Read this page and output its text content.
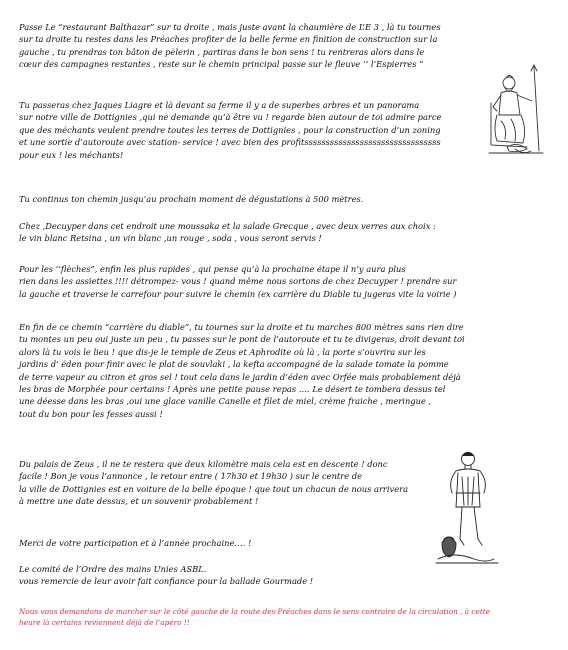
Passe Le “restaurant Balthazar” sur ta droite , mais juste avant la chaumière de L’E 3 , là tu tournes
sur ta droite tu restes dans les Préaches profiter de la belle ferme en finition de construction sur la
gauche , tu prendras ton bâton de pèlerin , partiras dans le bon sens ! tu rentreras alors dans le
cœur des campagnes restantes , reste sur le chemin principal passe sur le fleuve ‘’ l’Espierres ”
Tu passeras chez Jaques Liagre et là devant sa ferme il y a de superbes arbres et un panorama
sur notre ville de Dottignies ,qui ne demande qu’à être vu ! regarde bien autour de toi admire parce
que des méchants veulent prendre toutes les terres de Dottignies , pour la construction d’un zoning
et une sortie d’autoroute avec station- service ! avec bien des profitssssssssssssssssssssssssssssssss
pour eux ! les méchants!
Tu continus ton chemin jusqu’au prochain moment de dégustations à 500 mètres.
Chez ,Decuyper dans cet endroit une moussaka et la salade Grecque , avec deux verres aux choix :
le vin blanc Retsina , un vin blanc ,un rouge , soda , vous seront servis !
Pour les ‘’flèches”, enfin les plus rapides , qui pense qu’à la prochaine étape il n’y aura plus
rien dans les assiettes !!!! détrompez- vous ! quand même nous sortons de chez Decuyper ! prendre sur
la gauche et traverse le carrefour pour suivre le chemin (ex carrière du Diable tu jugeras vite la voirie )
En fin de ce chemin “carrière du diable”, tu tournes sur la droite et tu marches 800 mètres sans rien dire
tu montes un peu oui juste un peu , tu passes sur le pont de l’autoroute et tu te divigeras, droit devant toi
alors là tu vois le lieu ! que dis-je le temple de Zeus et Aphrodite où là , la porte s’ouvrira sur les
jardins d’ éden pour finir avec le plat de souvlaki , la kefta accompagné de la salade tomate la pomme
de terre vapeur au citron et gros sel ! tout cela dans le jardin d’éden avec Orfée mais probablement déjà
les bras de Morphée pour certains ! Après une petite pause repas …. Le désert te tombera dessus tel
une déesse dans les bras ,oui une glace vanille Canelle et filet de miel, crème fraiche , meringue ,
tout du bon pour les fesses aussi !
Du palais de Zeus , il ne te restera que deux kilomètre mais cela est en descente ! donc
facile ! Bon je vous l’annonce , le retour entre ( 17h30 et 19h30 ) sur le centre de
la ville de Dottignies est en voiture de la belle époque ! que tout un chacun de nous arrivera
à mettre une date dessus, et un souvenir probablement !
Merci de votre participation et à l’année prochaine…. !
Le comité de l’Ordre des mains Unies ASBL.
vous remercie de leur avoir fait confiance pour la ballade Gourmade !
Nous vous demandons de marcher sur le côté gauche de la route des Préaches dans le sens contraire de la circulation , à cette
heure là certains reviennent déjà de l’apéro !!
